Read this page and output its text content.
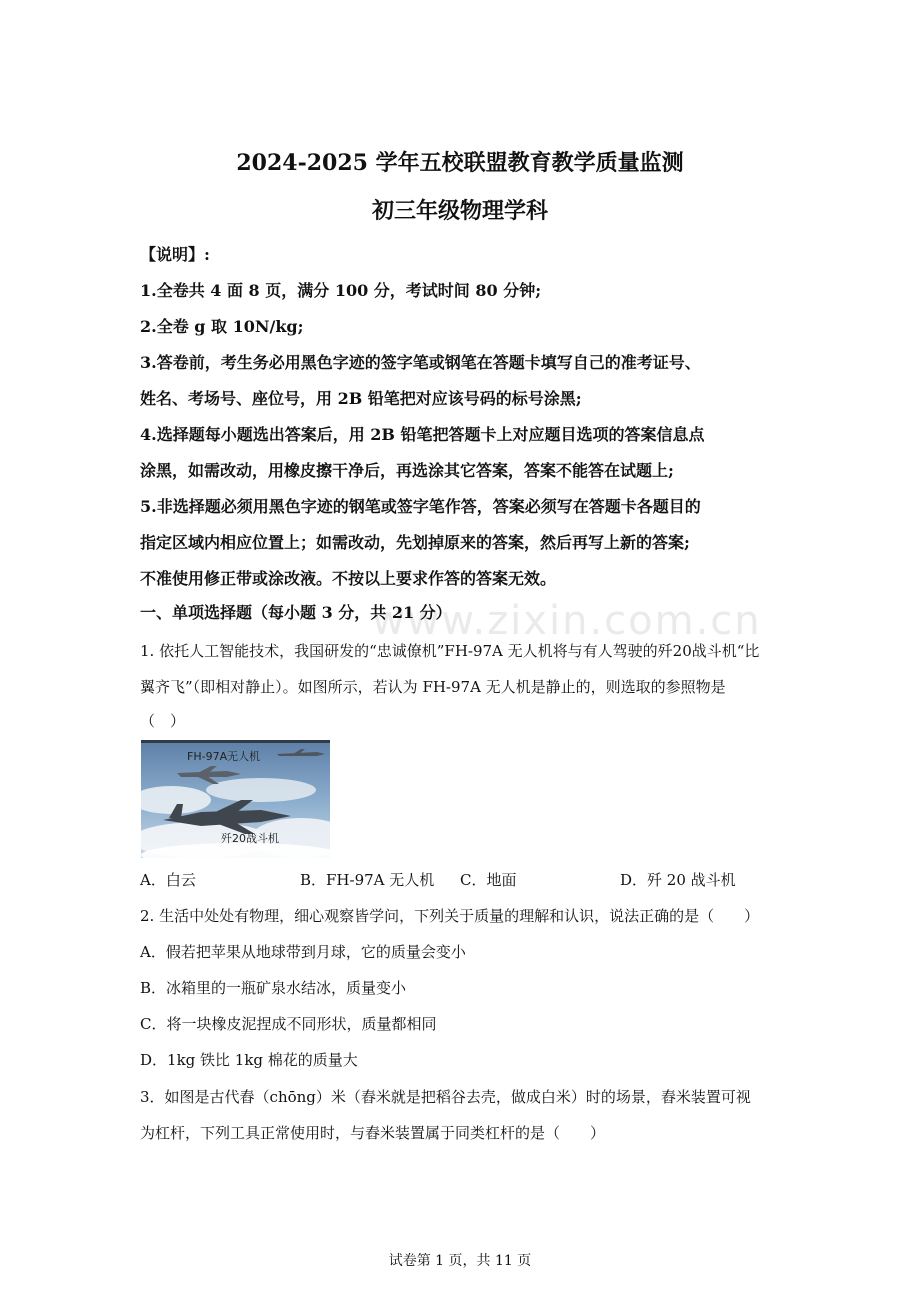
www.zixin.com.cn
2024-2025 学年五校联盟教育教学质量监测
初三年级物理学科
【说明】:
1.全卷共 4 面 8 页，满分 100 分，考试时间 80 分钟;
2.全卷 g 取 10N/kg;
3.答卷前，考生务必用黑色字迹的签字笔或钢笔在答题卡填写自己的准考证号、
姓名、考场号、座位号，用 2B 铅笔把对应该号码的标号涂黑;
4.选择题每小题选出答案后，用 2B 铅笔把答题卡上对应题目选项的答案信息点
涂黑，如需改动，用橡皮擦干净后，再选涂其它答案，答案不能答在试题上;
5.非选择题必须用黑色字迹的钢笔或签字笔作答，答案必须写在答题卡各题目的
指定区域内相应位置上；如需改动，先划掉原来的答案，然后再写上新的答案;
不准使用修正带或涂改液。不按以上要求作答的答案无效。
一、单项选择题（每小题 3 分，共 21 分）
1. 依托人工智能技术，我国研发的“忠诚僚机”FH-97A 无人机将与有人驾驶的歼20战斗机“比
翼齐飞”（即相对静止）。如图所示，若认为 FH-97A 无人机是静止的，则选取的参照物是
（　）
FH-97A无人机
歼20战斗机
A．白云	B．FH-97A 无人机 C．地面	D．歼 20 战斗机
2. 生活中处处有物理，细心观察皆学问，下列关于质量的理解和认识，说法正确的是（　　）
A．假若把苹果从地球带到月球，它的质量会变小
B．冰箱里的一瓶矿泉水结冰，质量变小
C．将一块橡皮泥捏成不同形状，质量都相同
D．1kg 铁比 1kg 棉花的质量大
3．如图是古代舂（chōng）米（舂米就是把稻谷去壳，做成白米）时的场景，舂米装置可视
为杠杆，下列工具正常使用时，与舂米装置属于同类杠杆的是（　　）
试卷第 1 页，共 11 页
